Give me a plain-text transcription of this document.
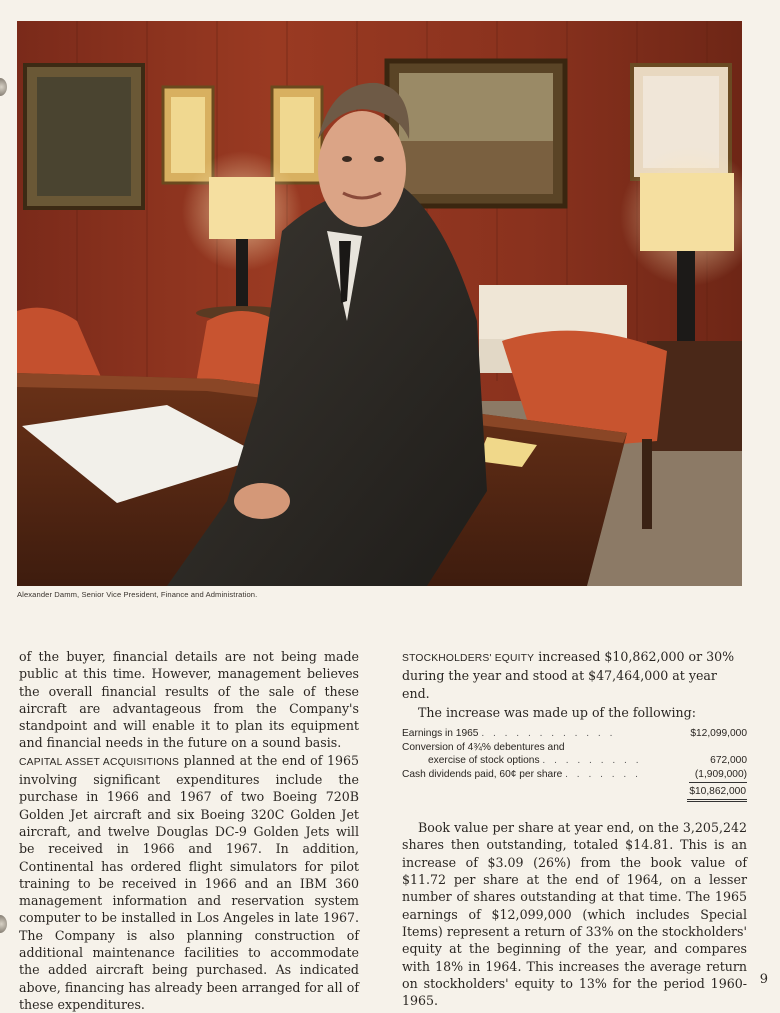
Alexander Damm, Senior Vice President, Finance and Administration.

of the buyer, financial details are not being made public at this time. However, management believes the overall financial results of the sale of these aircraft are advantageous from the Company's standpoint and will enable it to plan its equipment and financial needs in the future on a sound basis.

CAPITAL ASSET ACQUISITIONS planned at the end of 1965 involving significant expenditures include the purchase in 1966 and 1967 of two Boeing 720B Golden Jet aircraft and six Boeing 320C Golden Jet aircraft, and twelve Douglas DC-9 Golden Jets will be received in 1966 and 1967. In addition, Continental has ordered flight simulators for pilot training to be received in 1966 and an IBM 360 management information and reservation system computer to be installed in Los Angeles in late 1967. The Company is also planning construction of additional maintenance facilities to accommodate the added aircraft being purchased. As indicated above, financing has already been arranged for all of these expenditures.

STOCKHOLDERS' EQUITY increased $10,862,000 or 30% during the year and stood at $47,464,000 at year end.

The increase was made up of the following:

Earnings in 1965 . . . . . . . . . . . .	$12,099,000
Conversion of 4¾% debentures and
exercise of stock options . . . . . . . . .	672,000
Cash dividends paid, 60¢ per share . . . . . . .	(1,909,000)
$10,862,000

Book value per share at year end, on the 3,205,242 shares then outstanding, totaled $14.81. This is an increase of $3.09 (26%) from the book value of $11.72 per share at the end of 1964, on a lesser number of shares outstanding at that time. The 1965 earnings of $12,099,000 (which includes Special Items) represent a return of 33% on the stockholders' equity at the beginning of the year, and compares with 18% in 1964. This increases the average return on stockholders' equity to 13% for the period 1960-1965.

9
